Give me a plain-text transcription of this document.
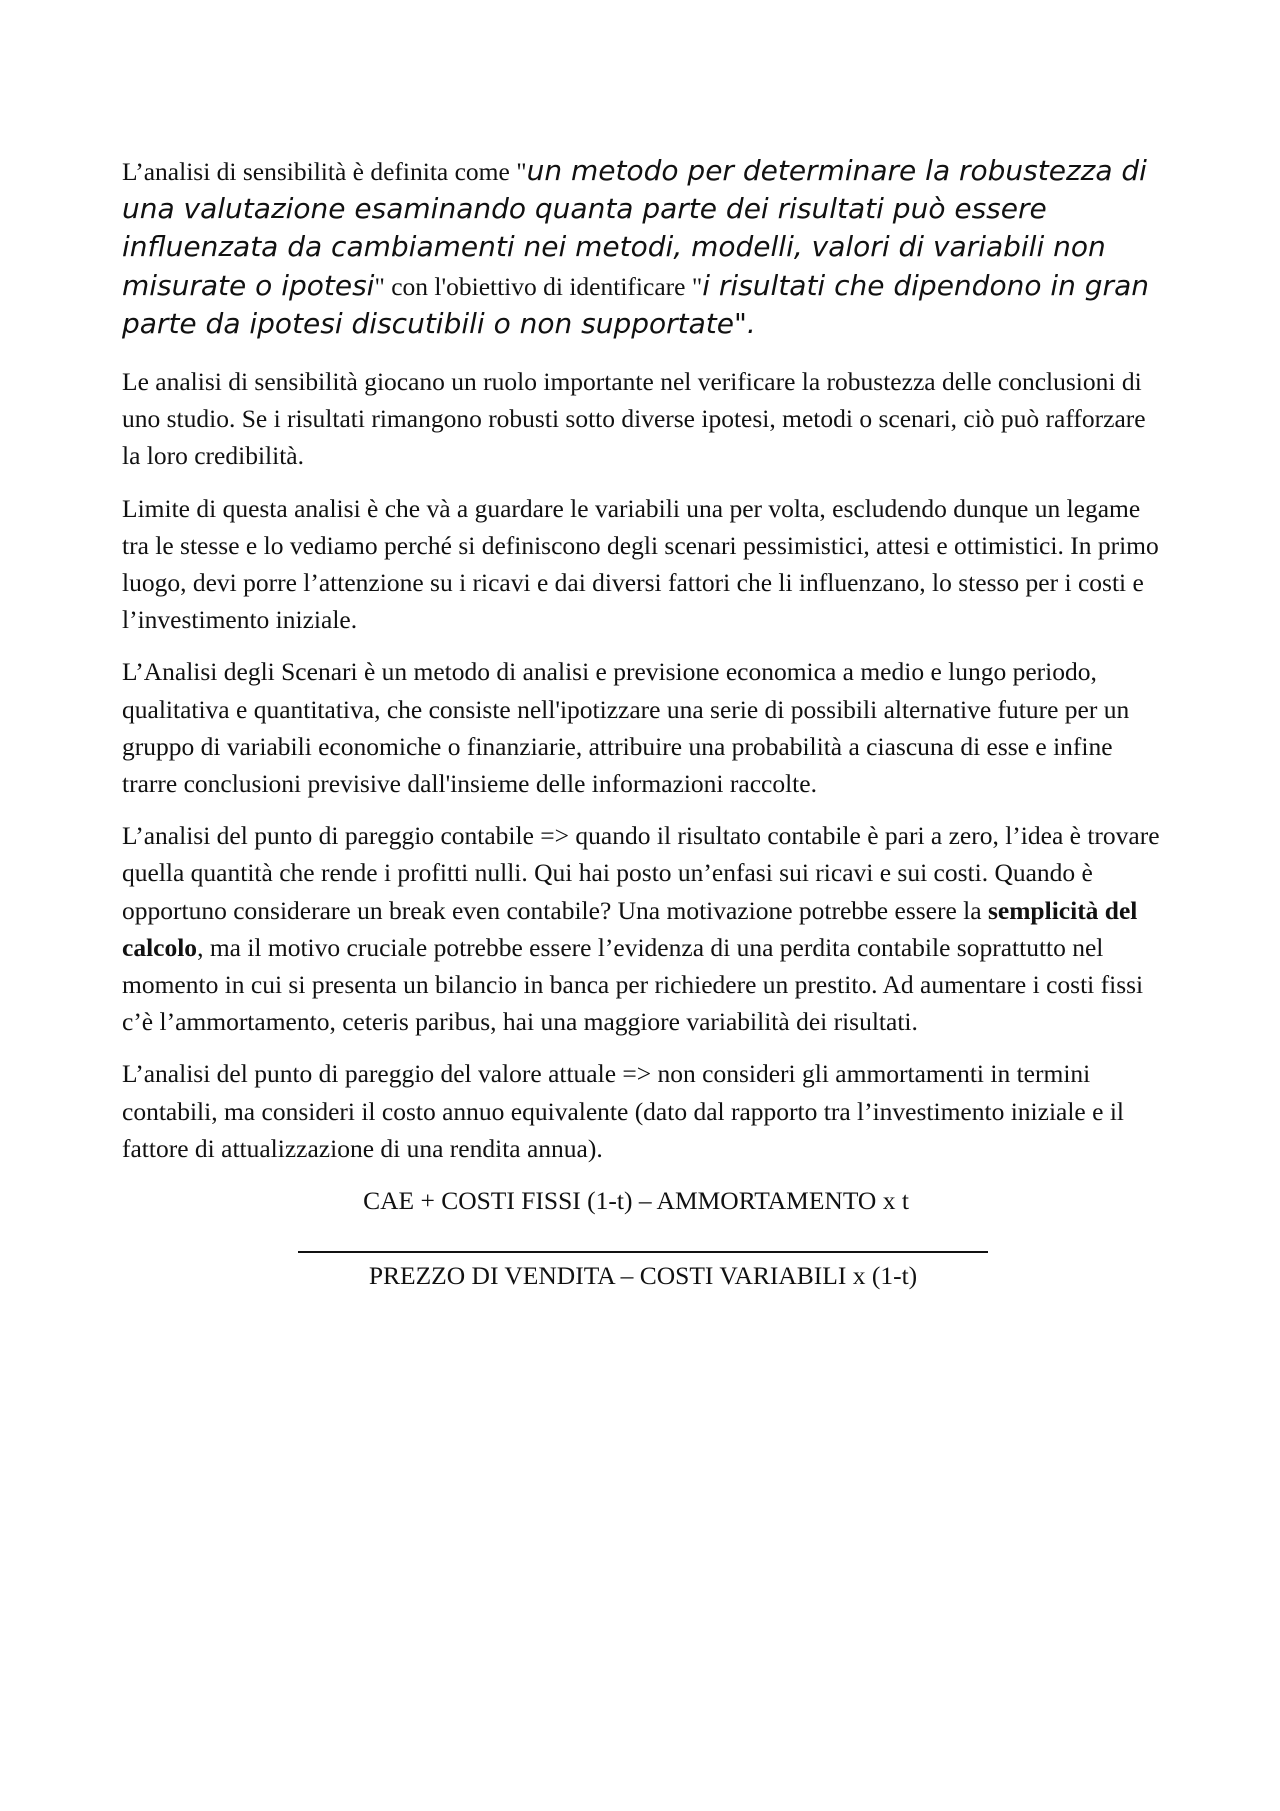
L’analisi di sensibilità è definita come "un metodo per determinare la robustezza di una valutazione esaminando quanta parte dei risultati può essere influenzata da cambiamenti nei metodi, modelli, valori di variabili non misurate o ipotesi" con l'obiettivo di identificare "i risultati che dipendono in gran parte da ipotesi discutibili o non supportate".

Le analisi di sensibilità giocano un ruolo importante nel verificare la robustezza delle conclusioni di uno studio. Se i risultati rimangono robusti sotto diverse ipotesi, metodi o scenari, ciò può rafforzare la loro credibilità.

Limite di questa analisi è che và a guardare le variabili una per volta, escludendo dunque un legame tra le stesse e lo vediamo perché si definiscono degli scenari pessimistici, attesi e ottimistici. In primo luogo, devi porre l’attenzione su i ricavi e dai diversi fattori che li influenzano, lo stesso per i costi e l’investimento iniziale.

L’Analisi degli Scenari è un metodo di analisi e previsione economica a medio e lungo periodo, qualitativa e quantitativa, che consiste nell'ipotizzare una serie di possibili alternative future per un gruppo di variabili economiche o finanziarie, attribuire una probabilità a ciascuna di esse e infine trarre conclusioni previsive dall'insieme delle informazioni raccolte.

L’analisi del punto di pareggio contabile => quando il risultato contabile è pari a zero, l’idea è trovare quella quantità che rende i profitti nulli. Qui hai posto un’enfasi sui ricavi e sui costi. Quando è opportuno considerare un break even contabile? Una motivazione potrebbe essere la semplicità del calcolo, ma il motivo cruciale potrebbe essere l’evidenza di una perdita contabile soprattutto nel momento in cui si presenta un bilancio in banca per richiedere un prestito. Ad aumentare i costi fissi c’è l’ammortamento, ceteris paribus, hai una maggiore variabilità dei risultati.

L’analisi del punto di pareggio del valore attuale => non consideri gli ammortamenti in termini contabili, ma consideri il costo annuo equivalente (dato dal rapporto tra l’investimento iniziale e il fattore di attualizzazione di una rendita annua).

CAE + COSTI FISSI (1-t) – AMMORTAMENTO x t
PREZZO DI VENDITA – COSTI VARIABILI x (1-t)
